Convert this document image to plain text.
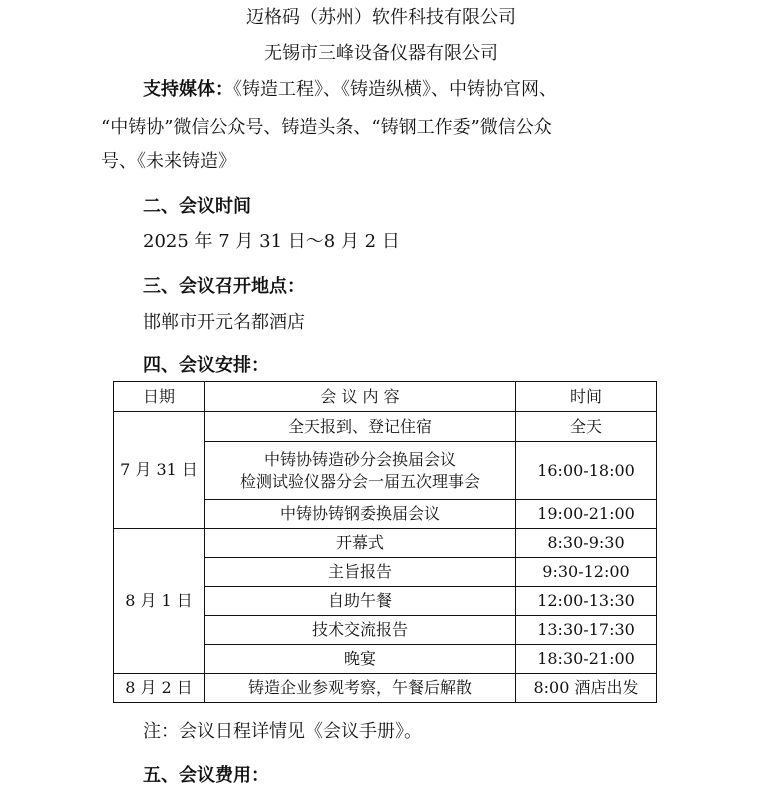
迈格码（苏州）软件科技有限公司
无锡市三峰设备仪器有限公司
支持媒体：《铸造工程》、《铸造纵横》、中铸协官网、
“中铸协”微信公众号、铸造头条、“铸钢工作委”微信公众
号、《未来铸造》
二、会议时间
2025 年 7 月 31 日～8 月 2 日
三、会议召开地点：
邯郸市开元名都酒店
四、会议安排：
日期	会 议 内 容	时间
7 月 31 日	全天报到、登记住宿	全天

	中铸协铸造砂分会换届会议
检测试验仪器分会一届五次理事会	16:00-18:00
	中铸协铸钢委换届会议	19:00-21:00
8 月 1 日	开幕式	8:30-9:30
	主旨报告	9:30-12:00
	自助午餐	12:00-13:30
	技术交流报告	13:30-17:30
	晚宴	18:30-21:00
8 月 2 日	铸造企业参观考察，午餐后解散	8:00 酒店出发
注：会议日程详情见《会议手册》。
五、会议费用：
